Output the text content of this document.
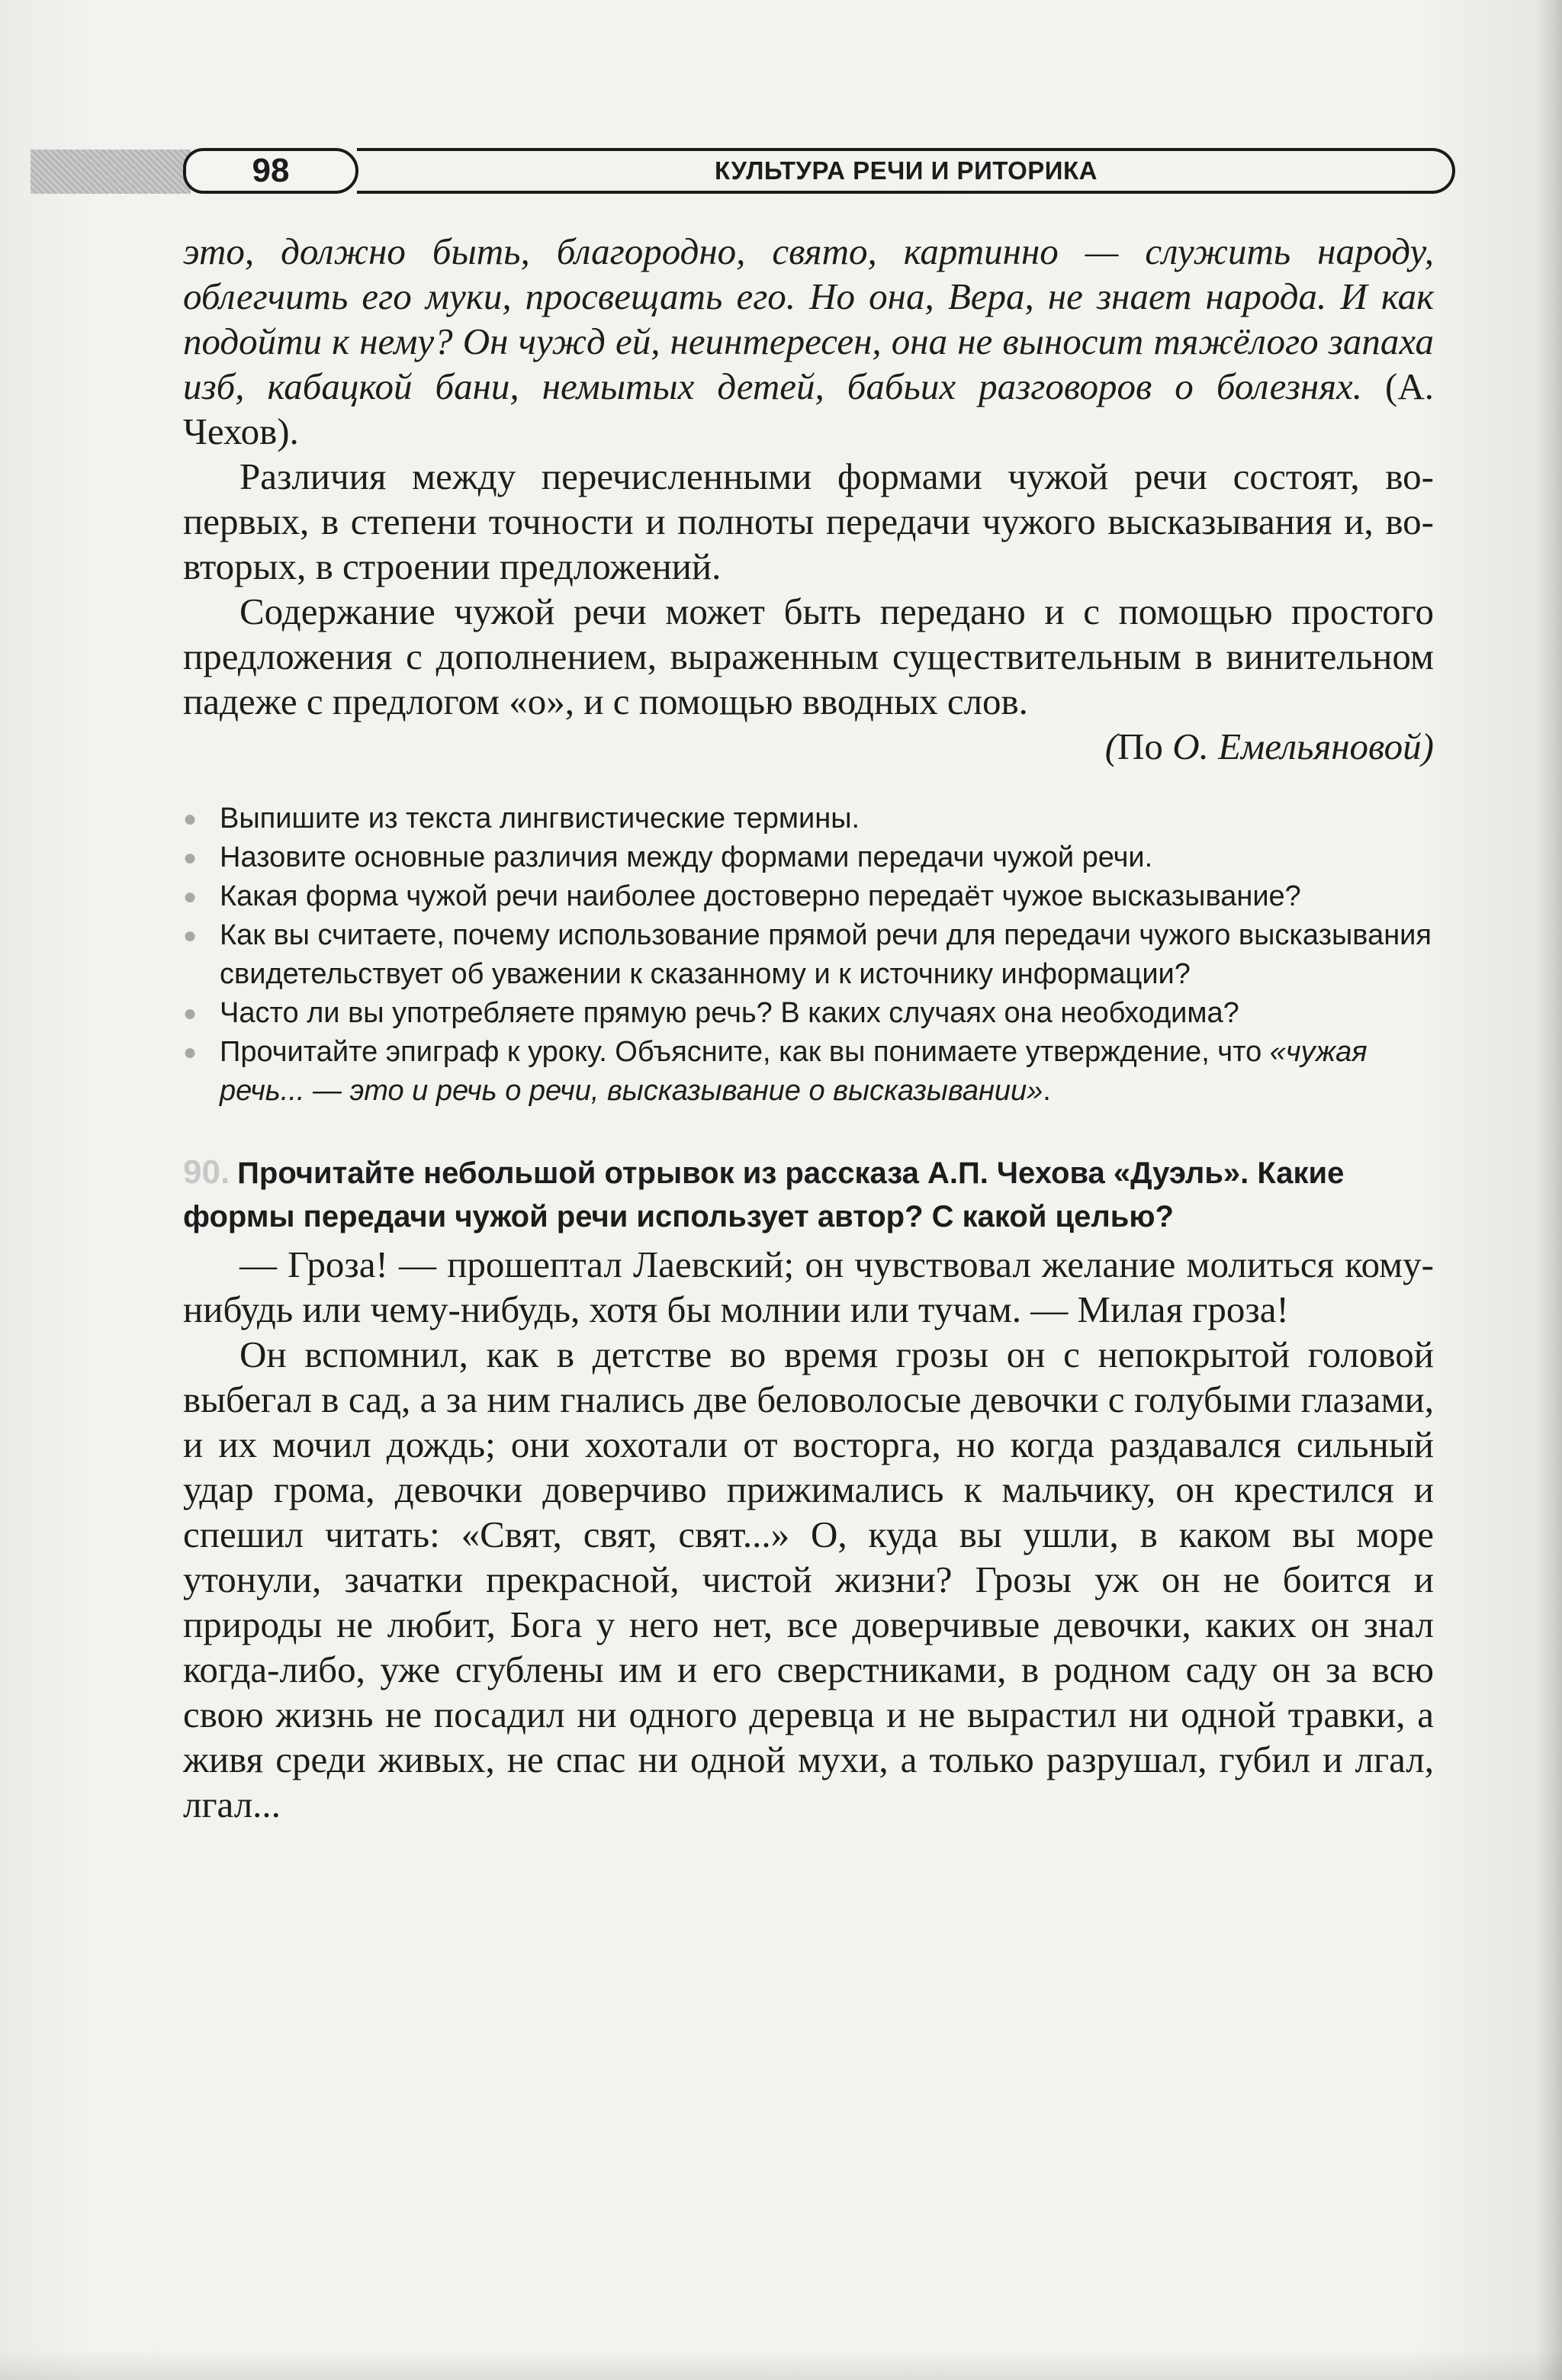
98	КУЛЬТУРА РЕЧИ И РИТОРИКА

это, должно быть, благородно, свято, картинно — служить народу, облегчить его муки, просвещать его. Но она, Вера, не знает народа. И как подойти к нему? Он чужд ей, неинтересен, она не выносит тяжёлого запаха изб, кабацкой бани, немытых детей, бабьих разговоров о болезнях. (А. Чехов).

Различия между перечисленными формами чужой речи состоят, во-первых, в степени точности и полноты передачи чужого высказывания и, во-вторых, в строении предложений.

Содержание чужой речи может быть передано и с помощью простого предложения с дополнением, выраженным существительным в винительном падеже с предлогом «о», и с помощью вводных слов.

(По О. Емельяновой)

● Выпишите из текста лингвистические термины.

● Назовите основные различия между формами передачи чужой речи.

● Какая форма чужой речи наиболее достоверно передаёт чужое высказывание?

● Как вы считаете, почему использование прямой речи для передачи чужого высказывания свидетельствует об уважении к сказанному и к источнику информации?

● Часто ли вы употребляете прямую речь? В каких случаях она необходима?

● Прочитайте эпиграф к уроку. Объясните, как вы понимаете утверждение, что «чужая речь... — это и речь о речи, высказывание о высказывании».

90. Прочитайте небольшой отрывок из рассказа А.П. Чехова «Дуэль». Какие формы передачи чужой речи использует автор? С какой целью?

— Гроза! — прошептал Лаевский; он чувствовал желание молиться кому-нибудь или чему-нибудь, хотя бы молнии или тучам. — Милая гроза!

Он вспомнил, как в детстве во время грозы он с непокрытой головой выбегал в сад, а за ним гнались две беловолосые девочки с голубыми глазами, и их мочил дождь; они хохотали от восторга, но когда раздавался сильный удар грома, девочки доверчиво прижимались к мальчику, он крестился и спешил читать: «Свят, свят, свят...» О, куда вы ушли, в каком вы море утонули, зачатки прекрасной, чистой жизни? Грозы уж он не боится и природы не любит, Бога у него нет, все доверчивые девочки, каких он знал когда-либо, уже сгублены им и его сверстниками, в родном саду он за всю свою жизнь не посадил ни одного деревца и не вырастил ни одной травки, а живя среди живых, не спас ни одной мухи, а только разрушал, губил и лгал, лгал...
